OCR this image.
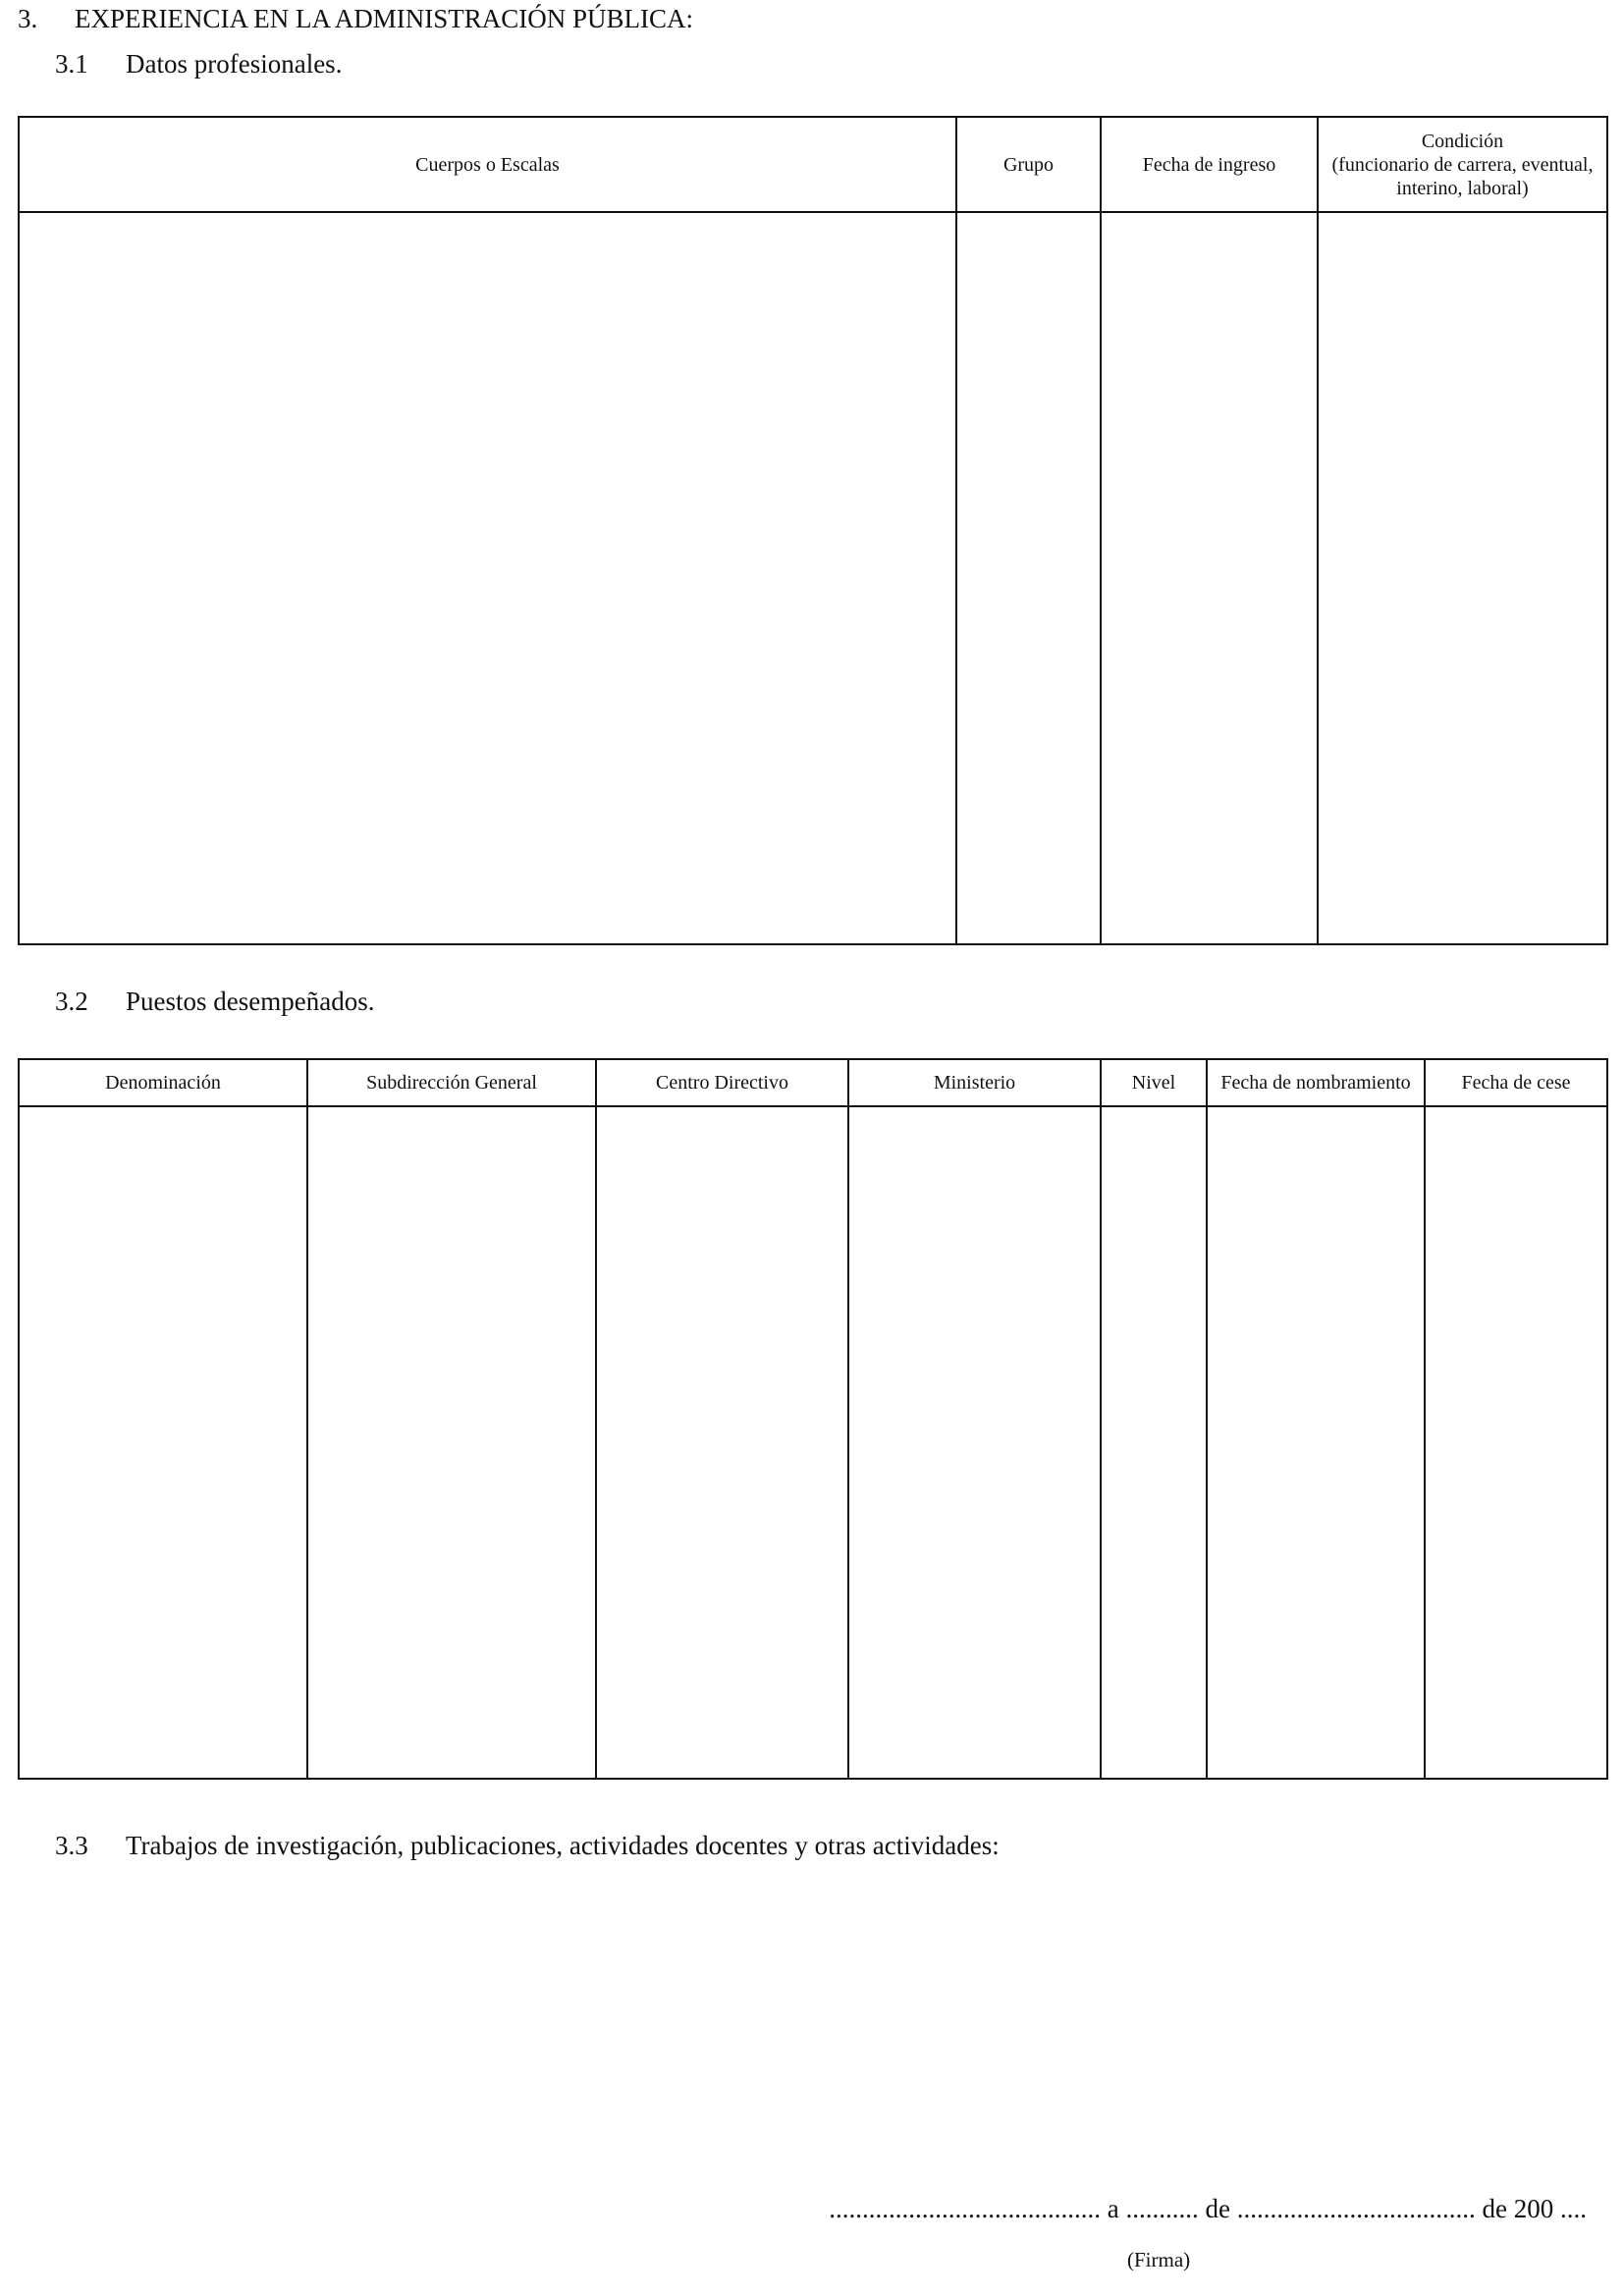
3. EXPERIENCIA EN LA ADMINISTRACIÓN PÚBLICA:
3.1 Datos profesionales.
Cuerpos o Escalas	Grupo	Fecha de ingreso	Condición
(funcionario de carrera, eventual,
interino, laboral)

3.2 Puestos desempeñados.
Denominación	Subdirección General	Centro Directivo	Ministerio	Nivel	Fecha de nombramiento	Fecha de cese

3.3 Trabajos de investigación, publicaciones, actividades docentes y otras actividades:
......................................... a ........... de .................................... de 200 ....
(Firma)
